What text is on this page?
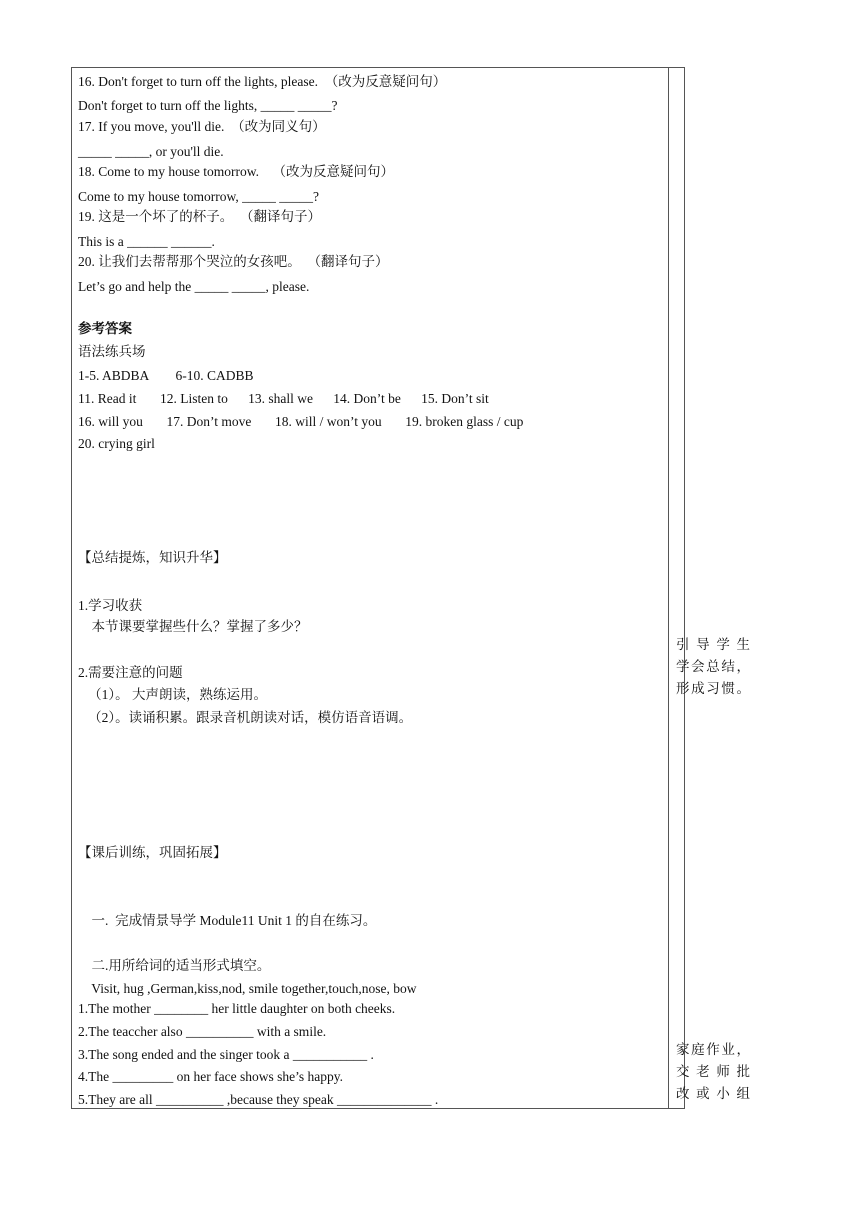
16. Don't forget to turn off the lights, please.  （改为反意疑问句）
Don't forget to turn off the lights, _____ _____?
17. If you move, you'll die.  （改为同义句）
_____ _____, or you'll die.
18. Come to my house tomorrow.    （改为反意疑问句）
Come to my house tomorrow, _____ _____?
19. 这是一个坏了的杯子。  （翻译句子）
This is a ______ ______.
20. 让我们去帮帮那个哭泣的女孩吧。  （翻译句子）
Let’s go and help the _____ _____, please.
参考答案
语法练兵场
1-5. ABDBA        6-10. CADBB
11. Read it       12. Listen to      13. shall we      14. Don’t be      15. Don’t sit
16. will you       17. Don’t move       18. will / won’t you       19. broken glass / cup
20. crying girl
【总结提炼，知识升华】
1.学习收获
本节课要掌握些什么？掌握了多少？
2.需要注意的问题
（1）。 大声朗读，熟练运用。
（2）。读诵积累。跟录音机朗读对话，模仿语音语调。
【课后训练，巩固拓展】
一.  完成情景导学 Module11 Unit 1 的自在练习。
二.用所给词的适当形式填空。
Visit, hug ,German,kiss,nod, smile together,touch,nose, bow
1.The mother ________ her little daughter on both cheeks.
2.The teaccher also __________ with a smile.
3.The song ended and the singer took a ___________ .
4.The _________ on her face shows she’s happy.
5.They are all __________ ,because they speak ______________ .
引导学生
学会总结，
形成习惯。
家庭作业，
交老师批
改或小组
